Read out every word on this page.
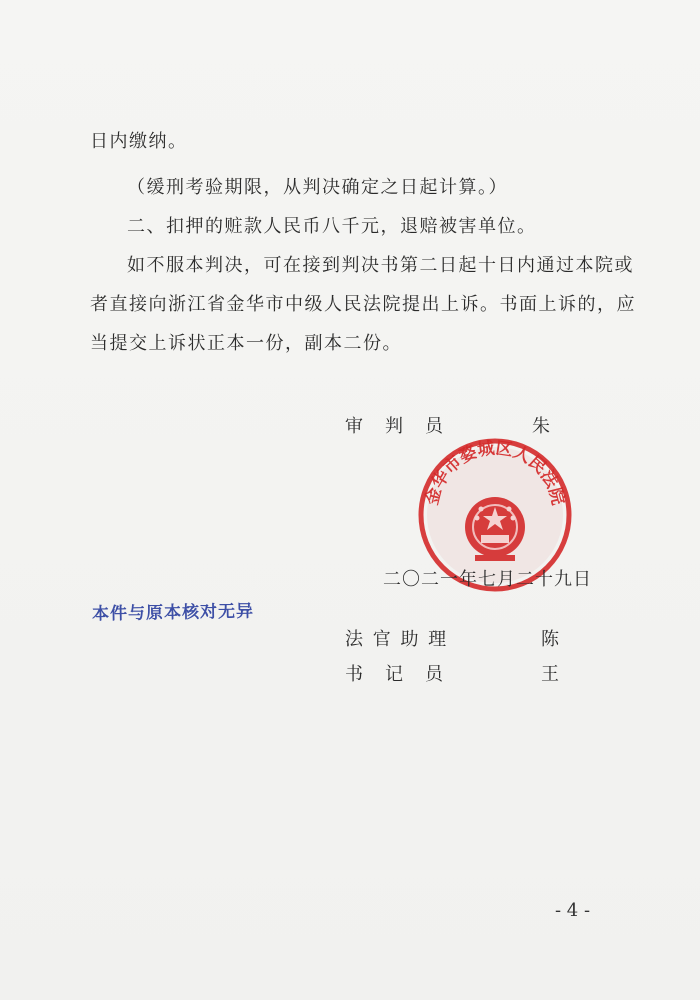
日内缴纳。
（缓刑考验期限，从判决确定之日起计算。）
二、扣押的赃款人民币八千元，退赔被害单位。
如不服本判决，可在接到判决书第二日起十日内通过本院或
者直接向浙江省金华市中级人民法院提出上诉。书面上诉的，应
当提交上诉状正本一份，副本二份。
审　判　员	朱
金华市婺城区人民法院
二〇二一年七月二十九日
本件与原本核对无异
法 官 助 理	陈
书　记　员	王
- 4 -
